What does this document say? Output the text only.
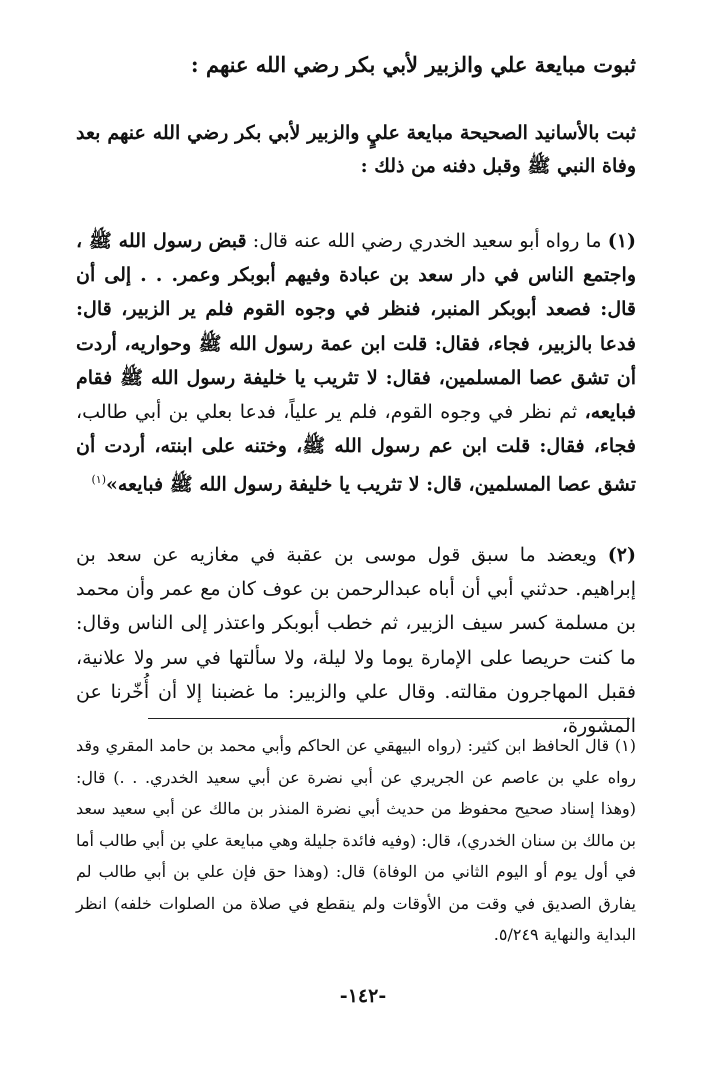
ثبوت مبايعة علي والزبير لأبي بكر رضي الله عنهم :

ثبت بالأسانيد الصحيحة مبايعة عليٍ والزبير لأبي بكر رضي الله عنهم بعد وفاة النبي ﷺ وقبل دفنه من ذلك :

(١) ما رواه أبو سعيد الخدري رضي الله عنه قال: قبض رسول الله ﷺ ، واجتمع الناس في دار سعد بن عبادة وفيهم أبوبكر وعمر. . . إلى أن قال: فصعد أبوبكر المنبر، فنظر في وجوه القوم فلم ير الزبير، قال: فدعا بالزبير، فجاء، فقال: قلت ابن عمة رسول الله ﷺ وحواريه، أردت أن تشق عصا المسلمين، فقال: لا تثريب يا خليفة رسول الله ﷺ فقام فبايعه، ثم نظر في وجوه القوم، فلم ير علياً، فدعا بعلي بن أبي طالب، فجاء، فقال: قلت ابن عم رسول الله ﷺ، وختنه على ابنته، أردت أن تشق عصا المسلمين، قال: لا تثريب يا خليفة رسول الله ﷺ فبايعه»$^{(١)}$

(٢) ويعضد ما سبق قول موسى بن عقبة في مغازيه عن سعد بن إبراهيم. حدثني أبي أن أباه عبدالرحمن بن عوف كان مع عمر وأن محمد بن مسلمة كسر سيف الزبير، ثم خطب أبوبكر واعتذر إلى الناس وقال: ما كنت حريصا على الإمارة يوما ولا ليلة، ولا سألتها في سر ولا علانية، فقبل المهاجرون مقالته. وقال علي والزبير: ما غضبنا إلا أن أُخّرنا عن المشورة،

(١) قال الحافظ ابن كثير: (رواه البيهقي عن الحاكم وأبي محمد بن حامد المقري وقد رواه علي بن عاصم عن الجريري عن أبي نضرة عن أبي سعيد الخدري. . .) قال: (وهذا إسناد صحيح محفوظ من حديث أبي نضرة المنذر بن مالك عن أبي سعيد سعد بن مالك بن سنان الخدري)، قال: (وفيه فائدة جليلة وهي مبايعة علي بن أبي طالب أما في أول يوم أو اليوم الثاني من الوفاة) قال: (وهذا حق فإن علي بن أبي طالب لم يفارق الصديق في وقت من الأوقات ولم ينقطع في صلاة من الصلوات خلفه) انظر البداية والنهاية ٥/٢٤٩.

-١٤٢-
